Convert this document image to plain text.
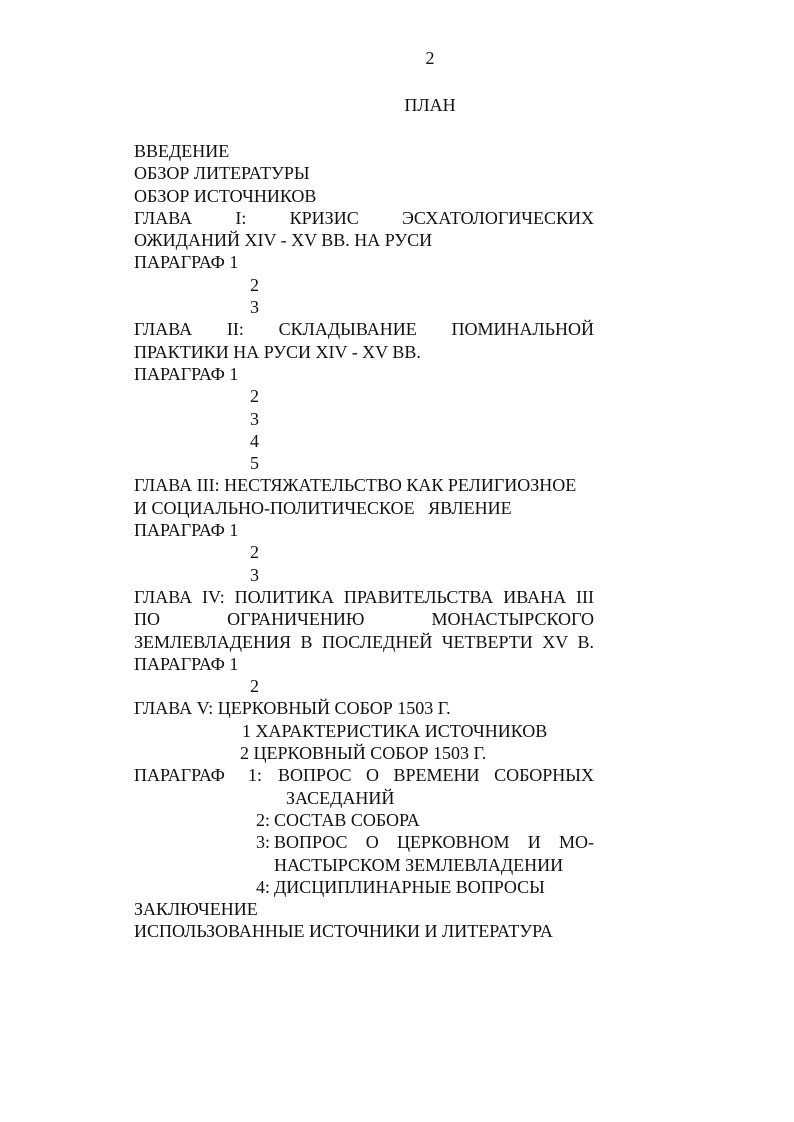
2
ПЛАН
ВВЕДЕНИЕ
ОБЗОР ЛИТЕРАТУРЫ
ОБЗОР ИСТОЧНИКОВ
ГЛАВА I: КРИЗИС ЭСХАТОЛОГИЧЕСКИХ
ОЖИДАНИЙ XIV - XV ВВ. НА РУСИ
ПАРАГРАФ 1
2
3
ГЛАВА II: СКЛАДЫВАНИЕ ПОМИНАЛЬНОЙ
ПРАКТИКИ НА РУСИ XIV - XV ВВ.
ПАРАГРАФ 1
2
3
4
5
ГЛАВА III: НЕСТЯЖАТЕЛЬСТВО КАК РЕЛИГИОЗНОЕ
И СОЦИАЛЬНО-ПОЛИТИЧЕСКОЕ   ЯВЛЕНИЕ
ПАРАГРАФ 1
2
3
ГЛАВА IV: ПОЛИТИКА ПРАВИТЕЛЬСТВА ИВАНА III
ПО ОГРАНИЧЕНИЮ МОНАСТЫРСКОГО
ЗЕМЛЕВЛАДЕНИЯ В ПОСЛЕДНЕЙ ЧЕТВЕРТИ XV В.
ПАРАГРАФ 1
2
ГЛАВА V: ЦЕРКОВНЫЙ СОБОР 1503 Г.
1 ХАРАКТЕРИСТИКА ИСТОЧНИКОВ
2 ЦЕРКОВНЫЙ СОБОР 1503 Г.
ПАРАГРАФ	1: ВОПРОС О ВРЕМЕНИ СОБОРНЫХ
ЗАСЕДАНИЙ
2: СОСТАВ СОБОРА
3: ВОПРОС О ЦЕРКОВНОМ И МО-
НАСТЫРСКОМ ЗЕМЛЕВЛАДЕНИИ
4: ДИСЦИПЛИНАРНЫЕ ВОПРОСЫ
ЗАКЛЮЧЕНИЕ
ИСПОЛЬЗОВАННЫЕ ИСТОЧНИКИ И ЛИТЕРАТУРА
